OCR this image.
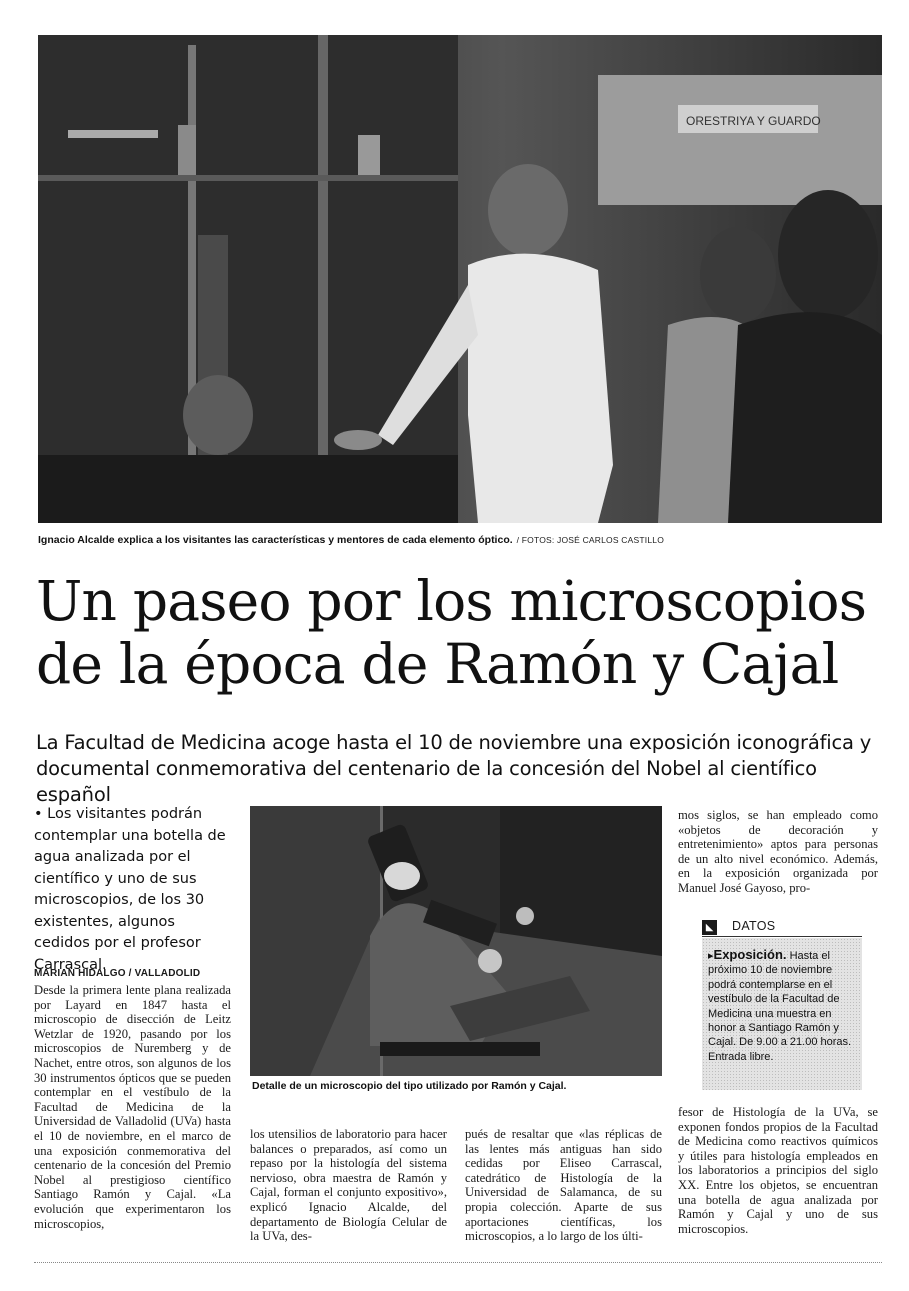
ORESTRIYA Y GUARDO
Ignacio Alcalde explica a los visitantes las características y mentores de cada elemento óptico. / FOTOS: JOSÉ CARLOS CASTILLO
Un paseo por los microscopios
de la época de Ramón y Cajal

La Facultad de Medicina acoge hasta el 10 de noviembre una exposición iconográfica y
documental conmemorativa del centenario de la concesión del Nobel al científico español

• Los visitantes podrán contemplar una botella de agua analizada por el científico y uno de sus microscopios, de los 30 existentes, algunos cedidos por el profesor Carrascal.
MARIAN HIDALGO / VALLADOLID
Desde la primera lente plana realizada por Layard en 1847 hasta el microscopio de disección de Leitz Wetzlar de 1920, pasando por los microscopios de Nuremberg y de Nachet, entre otros, son algunos de los 30 instrumentos ópticos que se pueden contemplar en el vestíbulo de la Facultad de Medicina de la Universidad de Valladolid (UVa) hasta el 10 de noviembre, en el marco de una exposición conmemorativa del centenario de la concesión del Premio Nobel al prestigioso científico Santiago Ramón y Cajal. «La evolución que experimentaron los microscopios,
Detalle de un microscopio del tipo utilizado por Ramón y Cajal.
los utensilios de laboratorio para hacer balances o preparados, así como un repaso por la histología del sistema nervioso, obra maestra de Ramón y Cajal, forman el conjunto expositivo», explicó Ignacio Alcalde, del departamento de Biología Celular de la UVa, des-
pués de resaltar que «las réplicas de las lentes más antiguas han sido cedidas por Eliseo Carrascal, catedrático de Histología de la Universidad de Salamanca, de su propia colección. Aparte de sus aportaciones científicas, los microscopios, a lo largo de los últi-
mos siglos, se han empleado como «objetos de decoración y entretenimiento» aptos para personas de un alto nivel económico. Además, en la exposición organizada por Manuel José Gayoso, pro-
◣	DATOS
▸Exposición. Hasta el próximo 10 de noviembre podrá contemplarse en el vestíbulo de la Facultad de Medicina una muestra en honor a Santiago Ramón y Cajal. De 9.00 a 21.00 horas. Entrada libre.
fesor de Histología de la UVa, se exponen fondos propios de la Facultad de Medicina como reactivos químicos y útiles para histología empleados en los laboratorios a principios del siglo XX. Entre los objetos, se encuentran una botella de agua analizada por Ramón y Cajal y uno de sus microscopios.
